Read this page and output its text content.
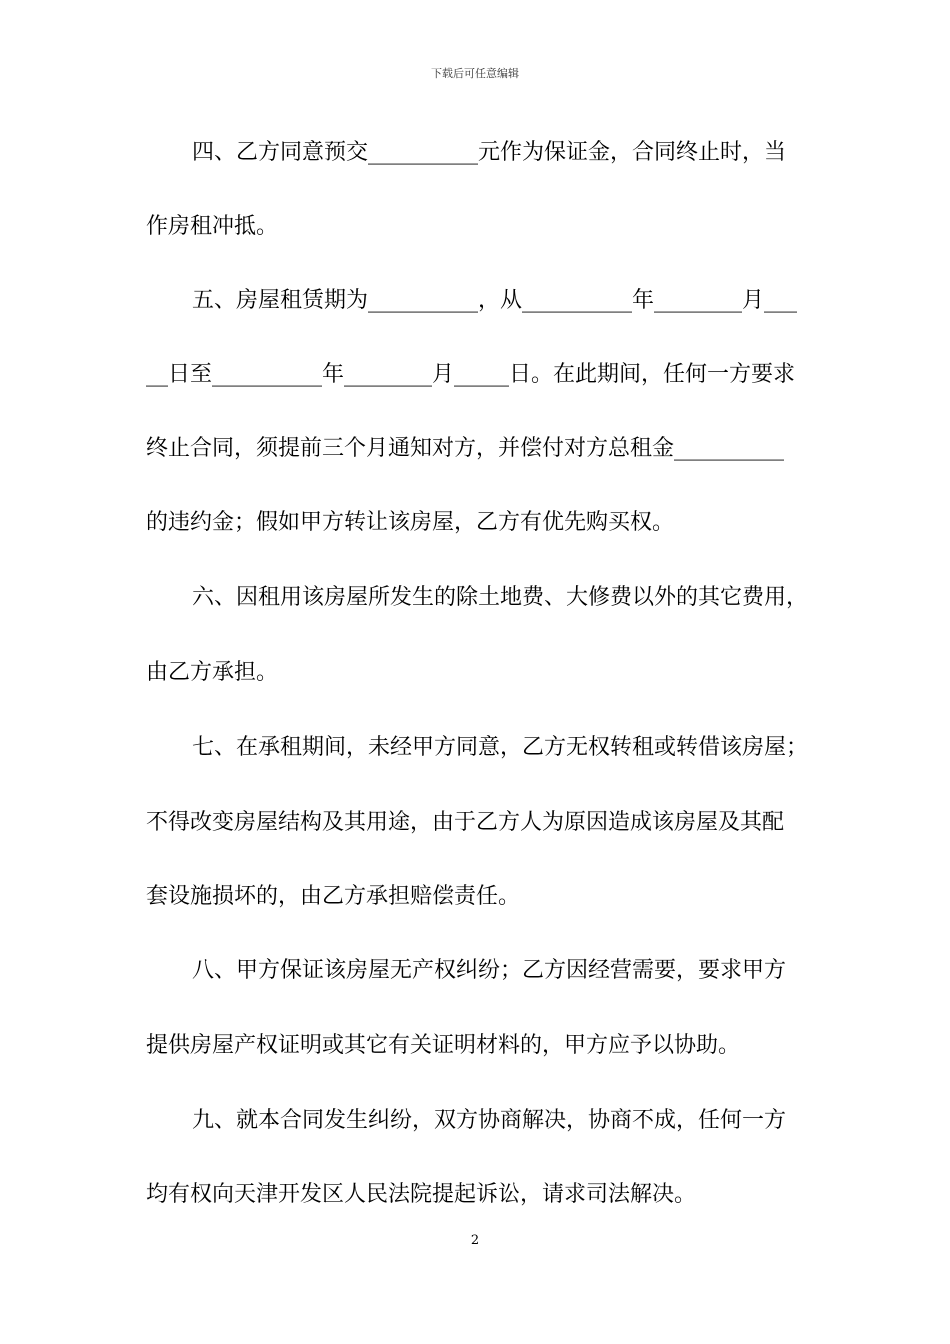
下载后可任意编辑
四、乙方同意预交__________元作为保证金，合同终止时，当
作房租冲抵。
五、房屋租赁期为__________，从__________年________月___
__日至__________年________月_____日。在此期间，任何一方要求
终止合同，须提前三个月通知对方，并偿付对方总租金__________
的违约金；假如甲方转让该房屋，乙方有优先购买权。
六、因租用该房屋所发生的除土地费、大修费以外的其它费用，
由乙方承担。
七、在承租期间，未经甲方同意，乙方无权转租或转借该房屋；
不得改变房屋结构及其用途，由于乙方人为原因造成该房屋及其配
套设施损坏的，由乙方承担赔偿责任。
八、甲方保证该房屋无产权纠纷；乙方因经营需要，要求甲方
提供房屋产权证明或其它有关证明材料的，甲方应予以协助。
九、就本合同发生纠纷，双方协商解决，协商不成，任何一方
均有权向天津开发区人民法院提起诉讼，请求司法解决。
2
